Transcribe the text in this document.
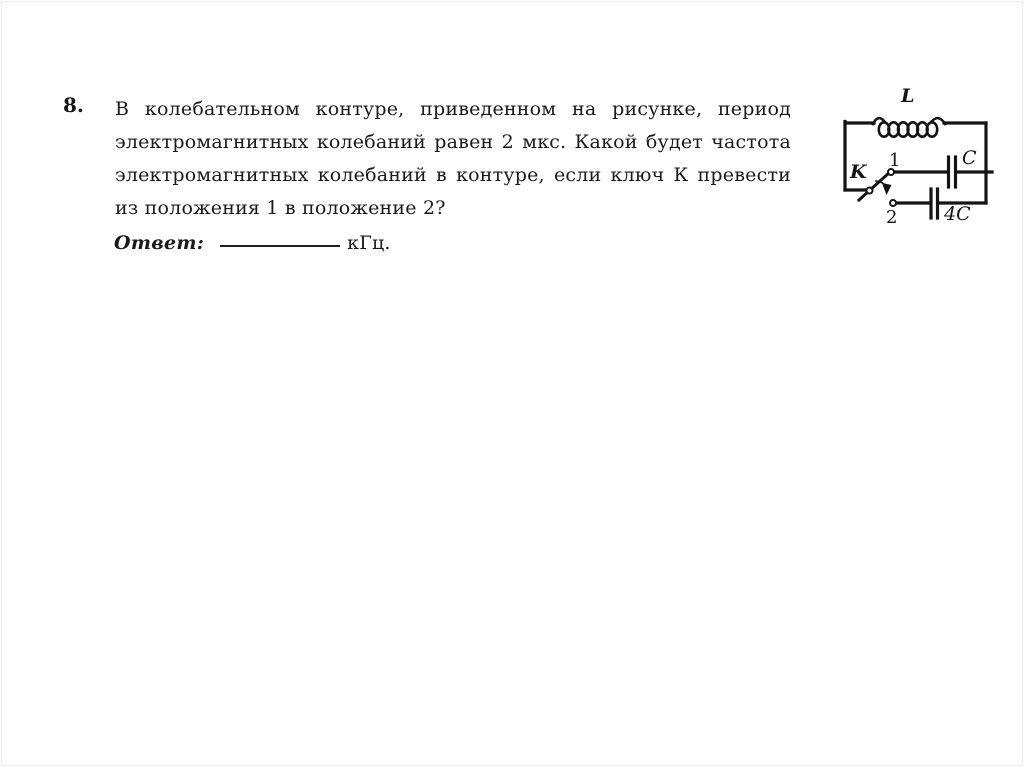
8. В колебательном контуре, приведенном на рисунке, период
электромагнитных колебаний равен 2 мкс. Какой будет частота
электромагнитных колебаний в контуре, если ключ К превести
из положения 1 в положение 2?
Ответ:	кГц.
L
K
1
2
C
4C
